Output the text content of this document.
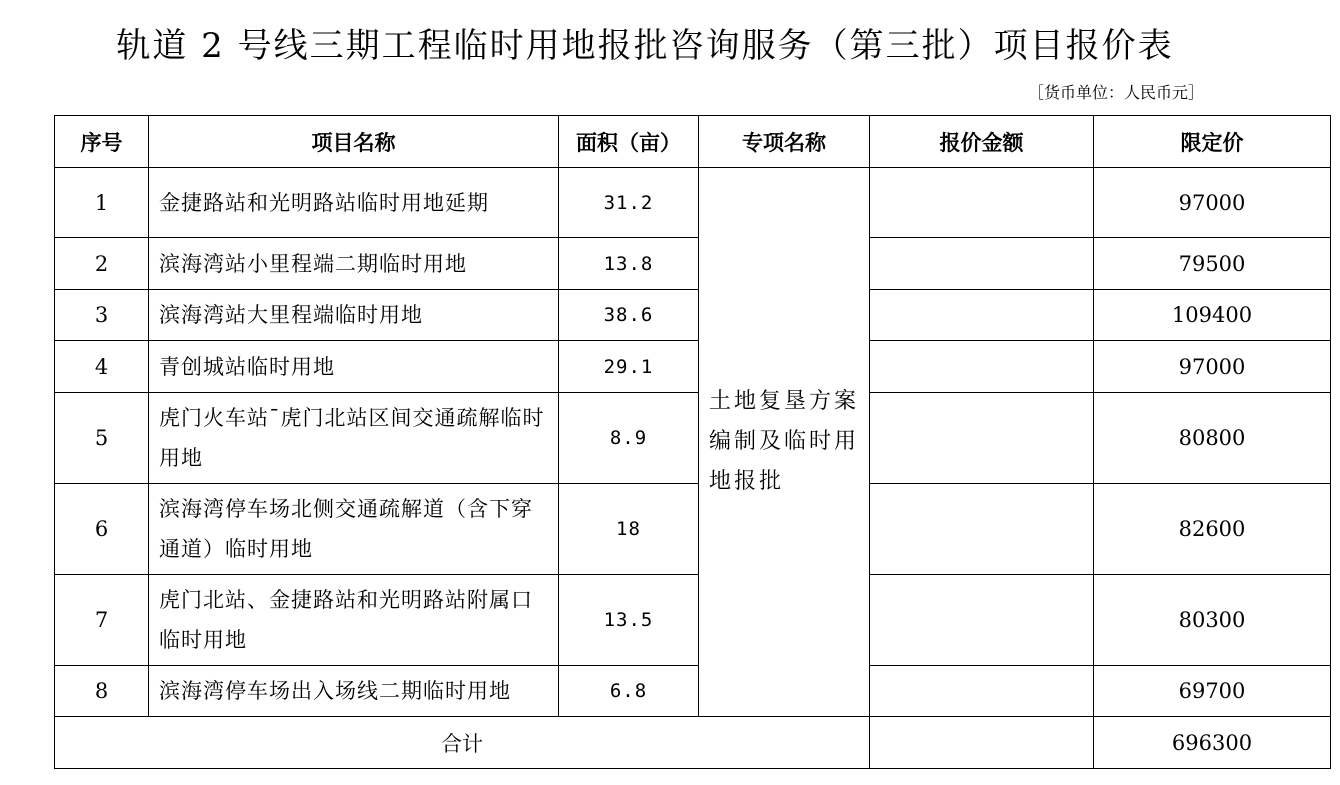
轨道 2 号线三期工程临时用地报批咨询服务（第三批）项目报价表
［货币单位：人民币元］
序号	项目名称	面积（亩）	专项名称	报价金额	限定价
1	金捷路站和光明路站临时用地延期	31.2	土地复垦方案编制及临时用地报批		97000
2	滨海湾站小里程端二期临时用地	13.8			79500
3	滨海湾站大里程端临时用地	38.6			109400
4	青创城站临时用地	29.1			97000
5	虎门火车站¯虎门北站区间交通疏解临时用地	8.9			80800
6	滨海湾停车场北侧交通疏解道（含下穿通道）临时用地	18			82600
7	虎门北站、金捷路站和光明路站附属口临时用地	13.5			80300
8	滨海湾停车场出入场线二期临时用地	6.8			69700
合计					696300
